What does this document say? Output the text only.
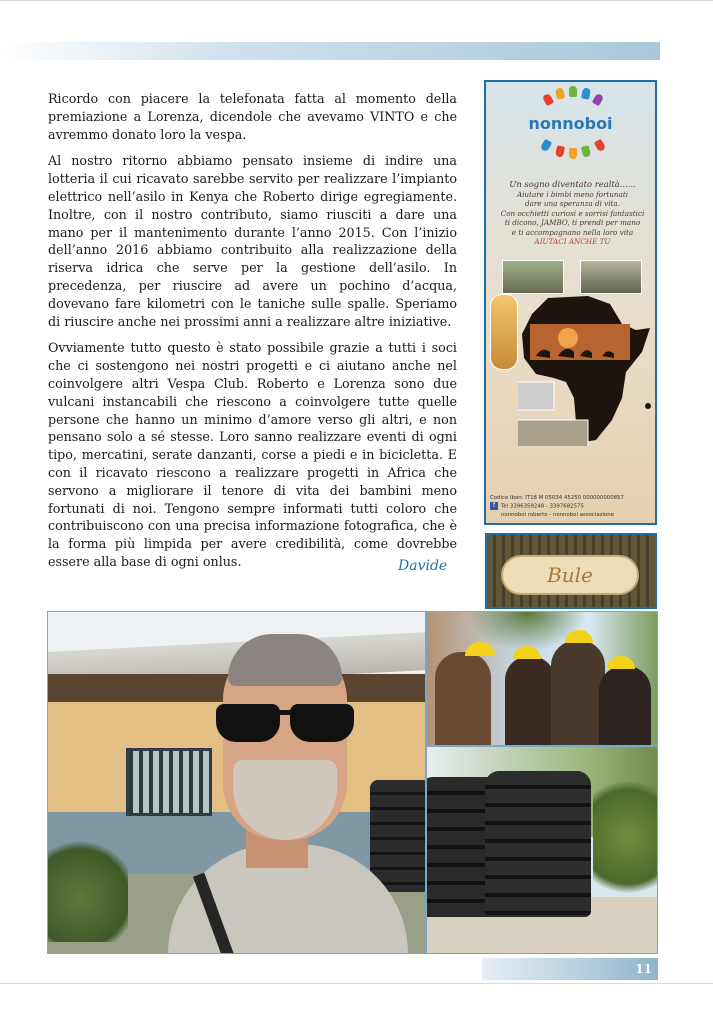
Ricordo con piacere la telefonata fatta al momento della premiazione a Lorenza, dicendole che avevamo VINTO e che avremmo donato loro la vespa.

Al nostro ritorno abbiamo pensato insieme di indire una lotteria il cui ricavato sarebbe servito per realizzare l’impianto elettrico nell’asilo in Kenya che Roberto dirige egregiamente. Inoltre, con il nostro contributo, siamo riusciti a dare una mano per il mantenimento durante l’anno 2015. Con l’inizio dell’anno 2016 abbiamo contribuito alla realizzazione della riserva idrica che serve per la gestione dell’asilo. In precedenza, per riuscire ad avere un pochino d’acqua, dovevano fare kilometri con le taniche sulle spalle. Speriamo di riuscire anche nei prossimi anni a realizzare altre iniziative.

Ovviamente tutto questo è stato possibile grazie a tutti i soci che ci sostengono nei nostri progetti e ci aiutano anche nel coinvolgere altri Vespa Club. Roberto e Lorenza sono due vulcani instancabili che riescono a coinvolgere tutte quelle persone che hanno un minimo d’amore verso gli altri, e non pensano solo a sé stesse. Loro sanno realizzare eventi di ogni tipo, mercatini, serate danzanti, corse a piedi e in bicicletta. E con il ricavato riescono a realizzare progetti in Africa che servono a migliorare il tenore di vita dei bambini meno fortunati di noi. Tengono sempre informati tutti coloro che contribuiscono con una precisa informazione fotografica, che è la forma più limpida per avere credibilità, come dovrebbe essere alla base di ogni onlus.	Davide
nonnoboi
Un sogno diventato realtà......
Aiutare i bimbi meno fortunati
dare una speranza di vita.
Con occhietti curiosi e sorrisi fantastici
ti dicono, JAMBO, ti prendi per mano
e ti accompagnano nella loro vita
AIUTACI ANCHE TU
Codice Iban: IT18 M 05034 45250 000000000857
f Tel 3396359248 - 3397682575
nonnoboi roberto - nonnoboi associazione
Bule
11
